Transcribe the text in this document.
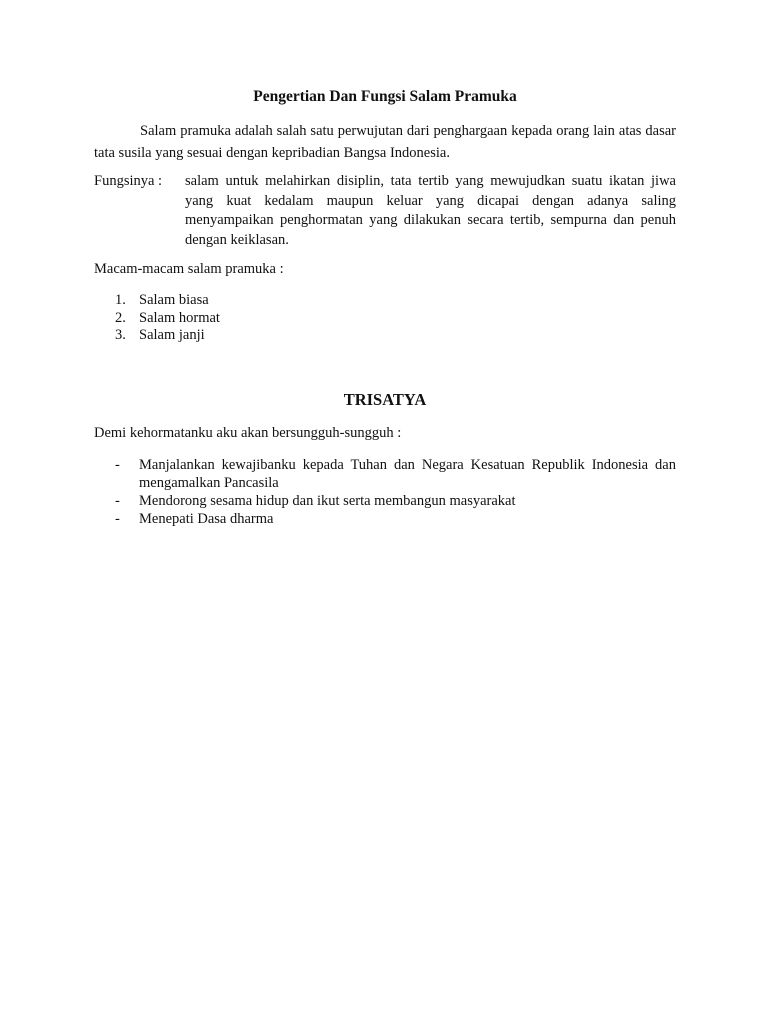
Pengertian Dan Fungsi Salam Pramuka

Salam pramuka adalah salah satu perwujutan dari penghargaan kepada orang lain atas dasar tata susila yang sesuai dengan kepribadian Bangsa Indonesia.

Fungsinya : salam untuk melahirkan disiplin, tata tertib yang mewujudkan suatu ikatan jiwa yang kuat kedalam maupun keluar yang dicapai dengan adanya saling menyampaikan penghormatan yang dilakukan secara tertib, sempurna dan penuh dengan keiklasan.

Macam-macam salam pramuka :

1. Salam biasa
2. Salam hormat
3. Salam janji
TRISATYA

Demi kehormatanku aku akan bersungguh-sungguh :

- Manjalankan kewajibanku kepada Tuhan dan Negara Kesatuan Republik Indonesia dan mengamalkan Pancasila
- Mendorong sesama hidup dan ikut serta membangun masyarakat
- Menepati Dasa dharma
